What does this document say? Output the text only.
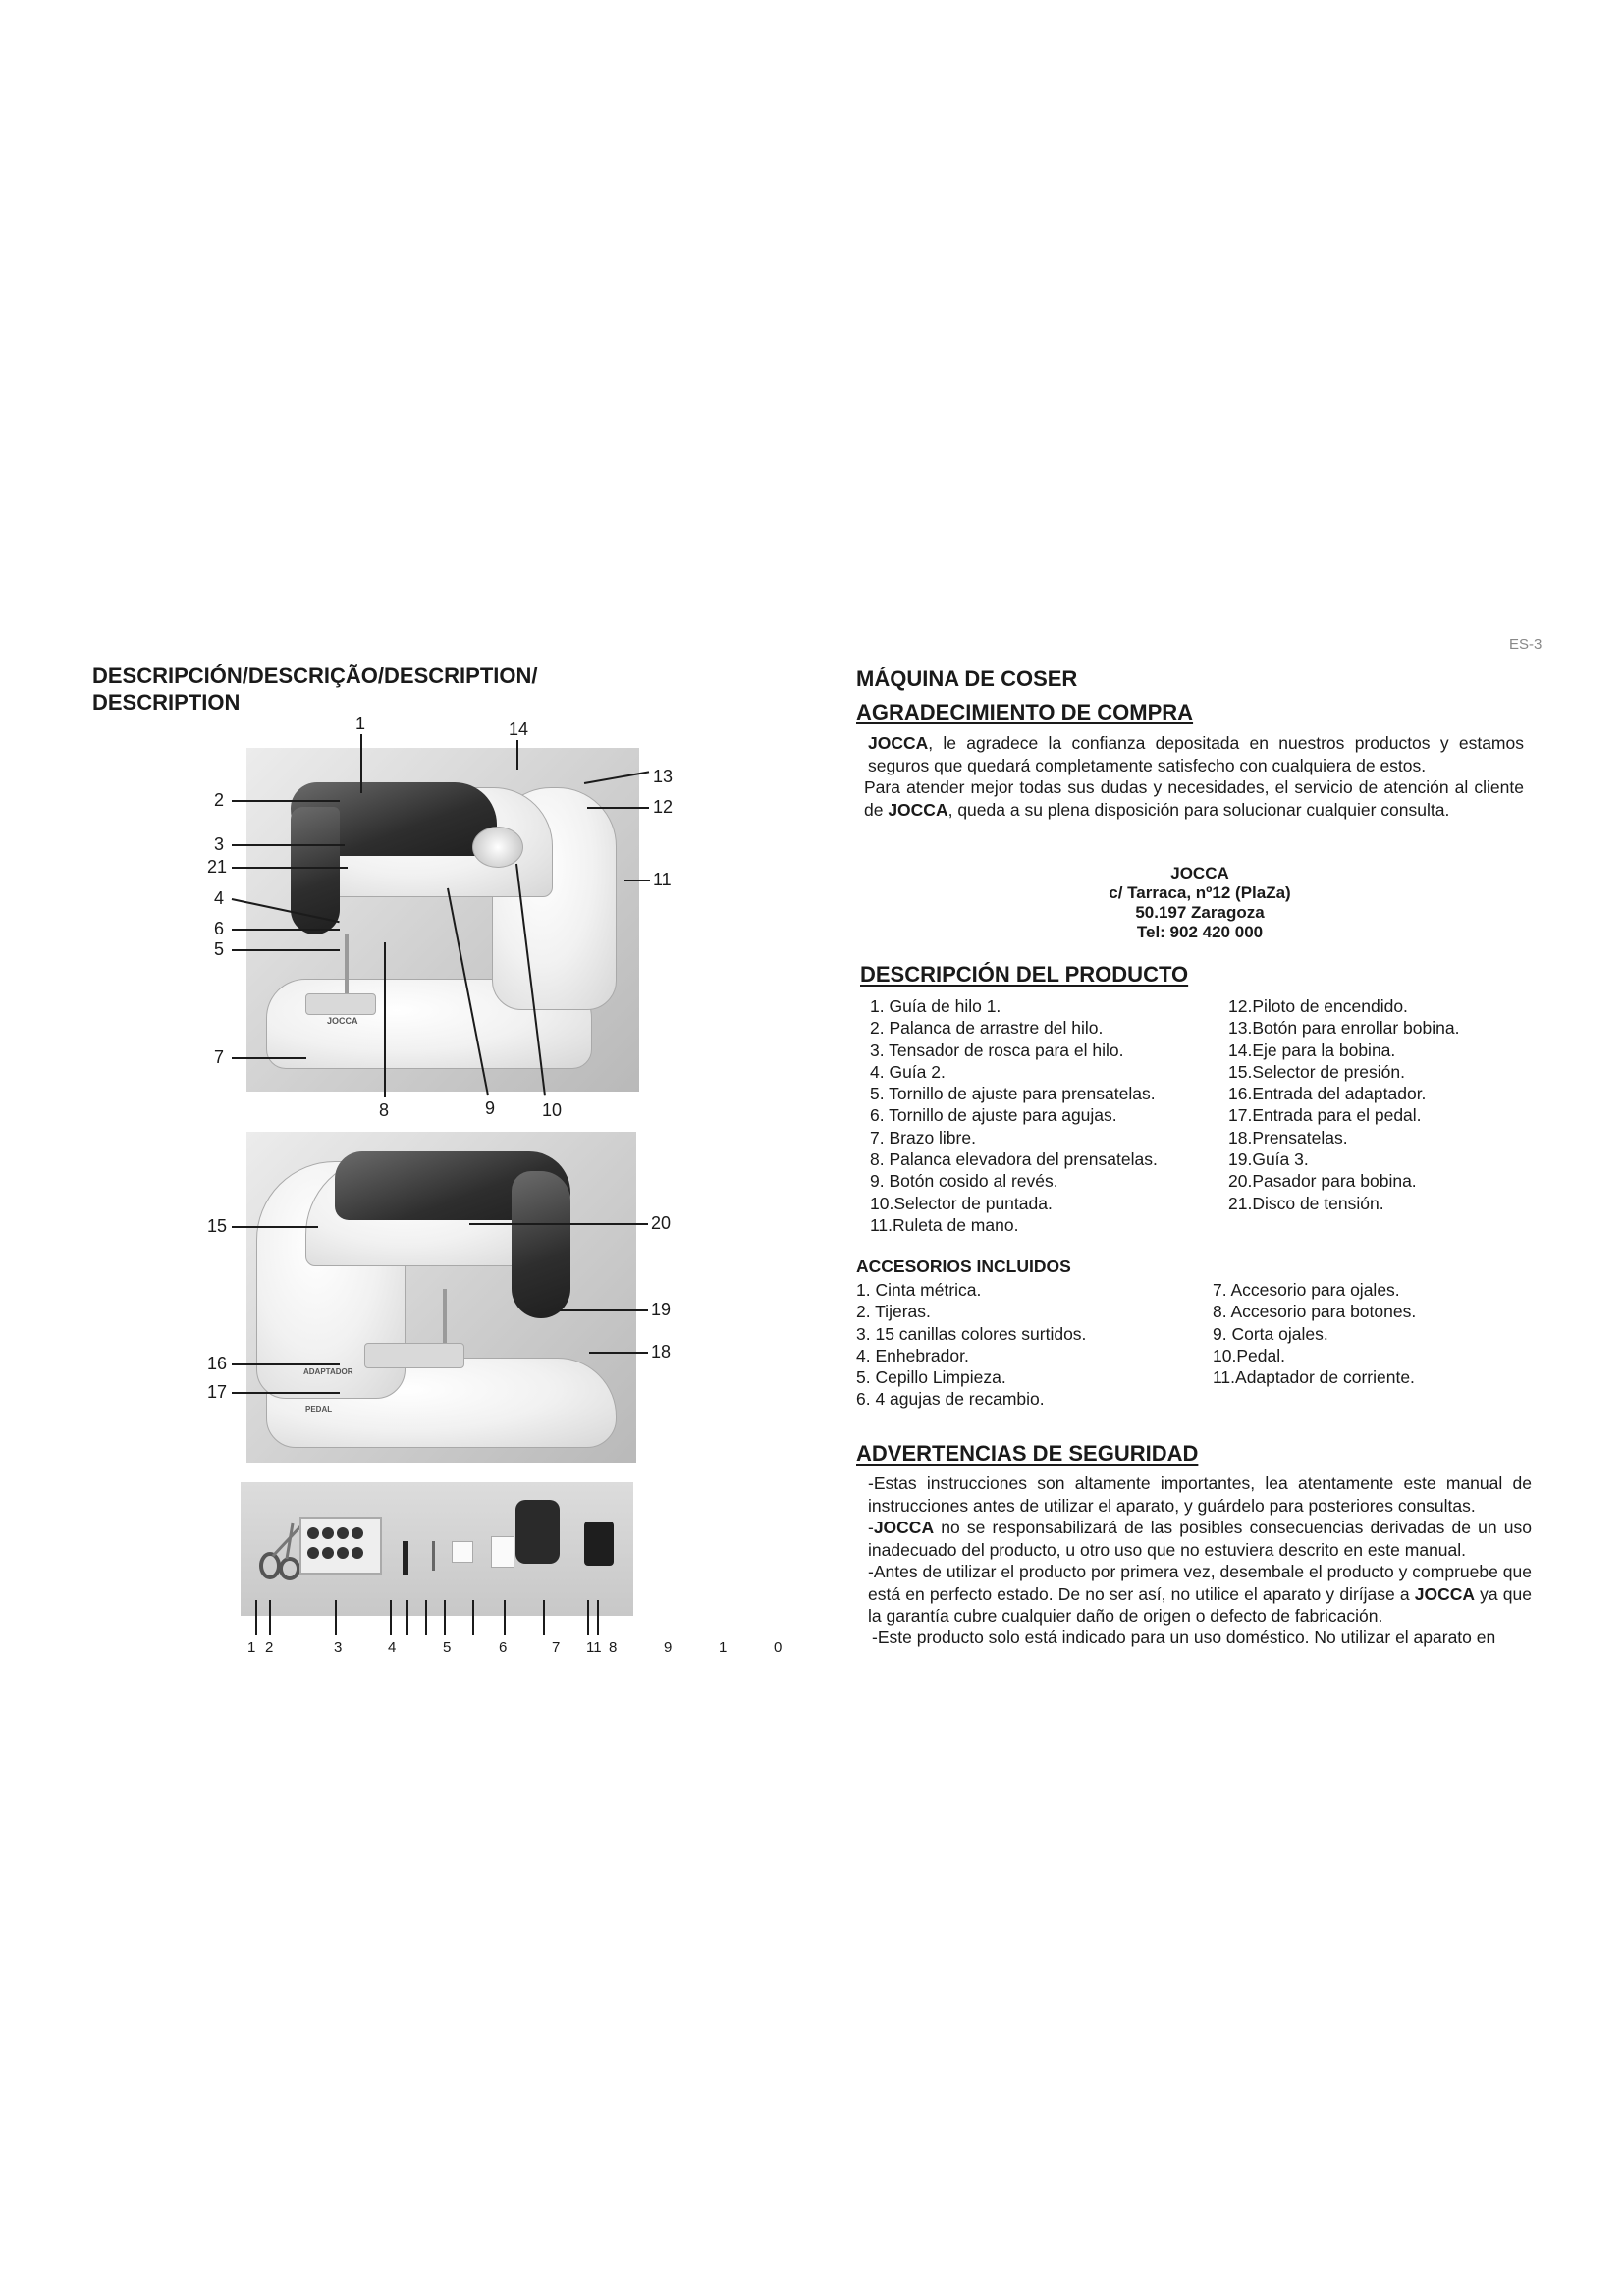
ES-3
DESCRIPCIÓN/DESCRIÇÃO/DESCRIPTION/ DESCRIPTION
JOCCA
1	14
2
13
12
3
21
11
4
6
5
7
8	9	10
ADAPTADOR
PEDAL
15	20
19
16
18
17
1 2	3	4	5	6	7 11 8	9	1	0
MÁQUINA DE COSER
AGRADECIMIENTO DE COMPRA
JOCCA, le agradece la confianza depositada en nuestros productos y estamos seguros que quedará completamente satisfecho con cualquiera de estos.
Para atender mejor todas sus dudas y necesidades, el servicio de atención al cliente de JOCCA, queda a su plena disposición para solucionar cualquier consulta.
JOCCA
c/ Tarraca, nº12 (PlaZa)
50.197 Zaragoza
Tel: 902 420 000
DESCRIPCIÓN DEL PRODUCTO
1. Guía de hilo 1.
2. Palanca de arrastre del hilo.
3. Tensador de rosca para el hilo.
4. Guía 2.
5. Tornillo de ajuste para prensatelas.
6. Tornillo de ajuste para agujas.
7. Brazo libre.
8. Palanca elevadora del prensatelas.
9. Botón cosido al revés.
10.Selector de puntada.
11.Ruleta de mano.
12.Piloto de encendido.
13.Botón para enrollar bobina.
14.Eje para la bobina.
15.Selector de presión.
16.Entrada del adaptador.
17.Entrada para el pedal.
18.Prensatelas.
19.Guía 3.
20.Pasador para bobina.
21.Disco de tensión.
ACCESORIOS INCLUIDOS
1. Cinta métrica.
2. Tijeras.
3. 15 canillas colores surtidos.
4. Enhebrador.
5. Cepillo Limpieza.
6. 4 agujas de recambio.
7. Accesorio para ojales.
8. Accesorio para botones.
9. Corta ojales.
10.Pedal.
11.Adaptador de corriente.
ADVERTENCIAS DE SEGURIDAD
-Estas instrucciones son altamente importantes, lea atentamente este manual de instrucciones antes de utilizar el aparato, y guárdelo para posteriores consultas.
-JOCCA no se responsabilizará de las posibles consecuencias derivadas de un uso inadecuado del producto, u otro uso que no estuviera descrito en este manual.
-Antes de utilizar el producto por primera vez, desembale el producto y compruebe que está en perfecto estado. De no ser así, no utilice el aparato y diríjase a JOCCA ya que la garantía cubre cualquier daño de origen o defecto de fabricación.
-Este producto solo está indicado para un uso doméstico. No utilizar el aparato en
